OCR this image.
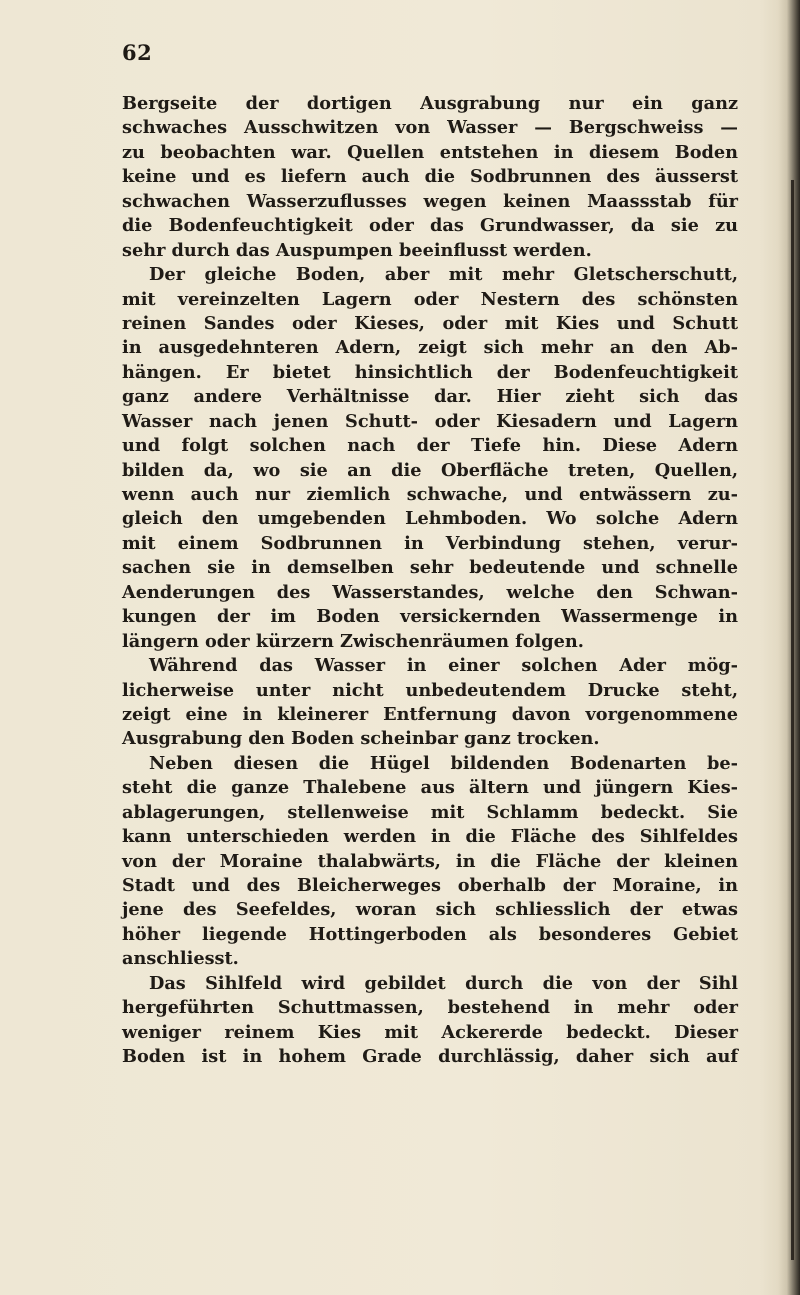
62
Bergseite der dortigen Ausgrabung nur ein ganz
schwaches Ausschwitzen von Wasser — Bergschweiss —
zu beobachten war. Quellen entstehen in diesem Boden
keine und es liefern auch die Sodbrunnen des äusserst
schwachen Wasserzuflusses wegen keinen Maassstab für
die Bodenfeuchtigkeit oder das Grundwasser, da sie zu
sehr durch das Auspumpen beeinflusst werden.
Der gleiche Boden, aber mit mehr Gletscherschutt,
mit vereinzelten Lagern oder Nestern des schönsten
reinen Sandes oder Kieses, oder mit Kies und Schutt
in ausgedehnteren Adern, zeigt sich mehr an den Ab-
hängen. Er bietet hinsichtlich der Bodenfeuchtigkeit
ganz andere Verhältnisse dar. Hier zieht sich das
Wasser nach jenen Schutt- oder Kiesadern und Lagern
und folgt solchen nach der Tiefe hin. Diese Adern
bilden da, wo sie an die Oberfläche treten, Quellen,
wenn auch nur ziemlich schwache, und entwässern zu-
gleich den umgebenden Lehmboden. Wo solche Adern
mit einem Sodbrunnen in Verbindung stehen, verur-
sachen sie in demselben sehr bedeutende und schnelle
Aenderungen des Wasserstandes, welche den Schwan-
kungen der im Boden versickernden Wassermenge in
längern oder kürzern Zwischenräumen folgen.
Während das Wasser in einer solchen Ader mög-
licherweise unter nicht unbedeutendem Drucke steht,
zeigt eine in kleinerer Entfernung davon vorgenommene
Ausgrabung den Boden scheinbar ganz trocken.
Neben diesen die Hügel bildenden Bodenarten be-
steht die ganze Thalebene aus ältern und jüngern Kies-
ablagerungen, stellenweise mit Schlamm bedeckt. Sie
kann unterschieden werden in die Fläche des Sihlfeldes
von der Moraine thalabwärts, in die Fläche der kleinen
Stadt und des Bleicherweges oberhalb der Moraine, in
jene des Seefeldes, woran sich schliesslich der etwas
höher liegende Hottingerboden als besonderes Gebiet
anschliesst.
Das Sihlfeld wird gebildet durch die von der Sihl
hergeführten Schuttmassen, bestehend in mehr oder
weniger reinem Kies mit Ackererde bedeckt. Dieser
Boden ist in hohem Grade durchlässig, daher sich auf
